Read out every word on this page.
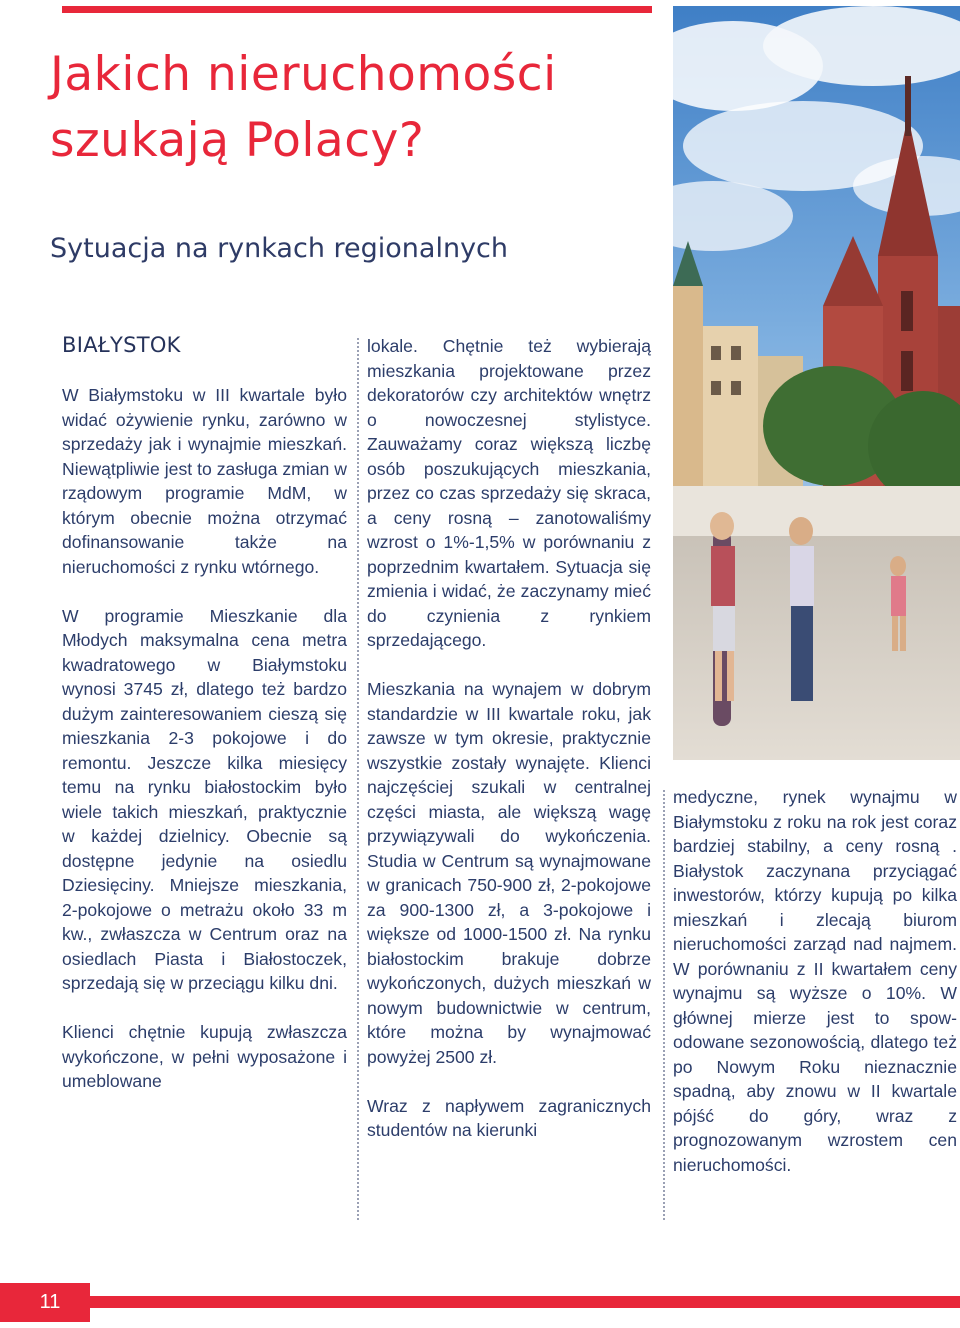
Jakich nieruchomości szukają Polacy?
Sytuacja na rynkach regionalnych
BIAŁYSTOK

W Białymstoku w III kwartale było widać ożywienie rynku, zarówno w sprzedaży jak i wynajmie mieszkań. Niewątpliwie jest to zasługa zmian w rządowym programie MdM, w którym obecnie można otrzymać dofinansowanie także na nieruchomości z rynku wtórnego.

W programie Mieszkanie dla Młodych maksymalna cena metra kwadratowego w Białymstoku wynosi 3745 zł, dlatego też bardzo dużym zainteresowaniem cieszą się mieszkania 2-3 pokojowe i do remontu. Jeszcze kilka miesięcy temu na rynku białostockim było wiele takich mieszkań, praktycznie w każdej dzielnicy. Obecnie są dostępne jedynie na osiedlu Dziesięciny. Mniejsze mieszkania, 2-pokojowe o metrażu około 33 m kw., zwłaszcza w Centrum oraz na osiedlach Piasta i Białostoczek, sprzedają się w przeciągu kilku dni.

Klienci chętnie kupują zwłaszcza wykończone, w pełni wyposażone i umeblowane

lokale. Chętnie też wybierają mieszkania projektowane przez dekoratorów czy architektów wnętrz o nowoczesnej stylistyce. Zauważamy coraz większą liczbę osób poszukujących mieszkania, przez co czas sprzedaży się skraca, a ceny rosną – zanotowaliśmy wzrost o 1%-1,5% w porównaniu z poprzednim kwartałem. Sytuacja się zmienia i widać, że zaczynamy mieć do czynienia z rynkiem sprzedającego.

Mieszkania na wynajem w dobrym standardzie w III kwartale roku, jak zawsze w tym okresie, praktycznie wszystkie zostały wynajęte. Klienci najczęściej szukali w centralnej części miasta, ale większą wagę przywiązywali do wykończenia. Studia w Centrum są wynajmowane w granicach 750-900 zł, 2-pokojowe za 900-1300 zł, a 3-pokojowe i większe od 1000-1500 zł. Na rynku białostockim brakuje dobrze wykończonych, dużych mieszkań w nowym budownictwie w centrum, które można by wynajmować powyżej 2500 zł.

Wraz z napływem zagranicznych studentów na kierunki

medyczne, rynek wynajmu w Białymstoku z roku na rok jest coraz bardziej stabilny, a ceny rosną . Białystok zaczynana przyciągać inwestorów, którzy kupują po kilka mieszkań i zlecają biurom nieruchomości zarząd nad najmem. W porównaniu z II kwartałem ceny wynajmu są wyższe o 10%. W głównej mierze jest to spowodowane sezonowością, dlatego też po Nowym Roku nieznacznie spadną, aby znowu w II kwartale pójść do góry, wraz z prognozowanym wzrostem cen nieruchomości.

11
